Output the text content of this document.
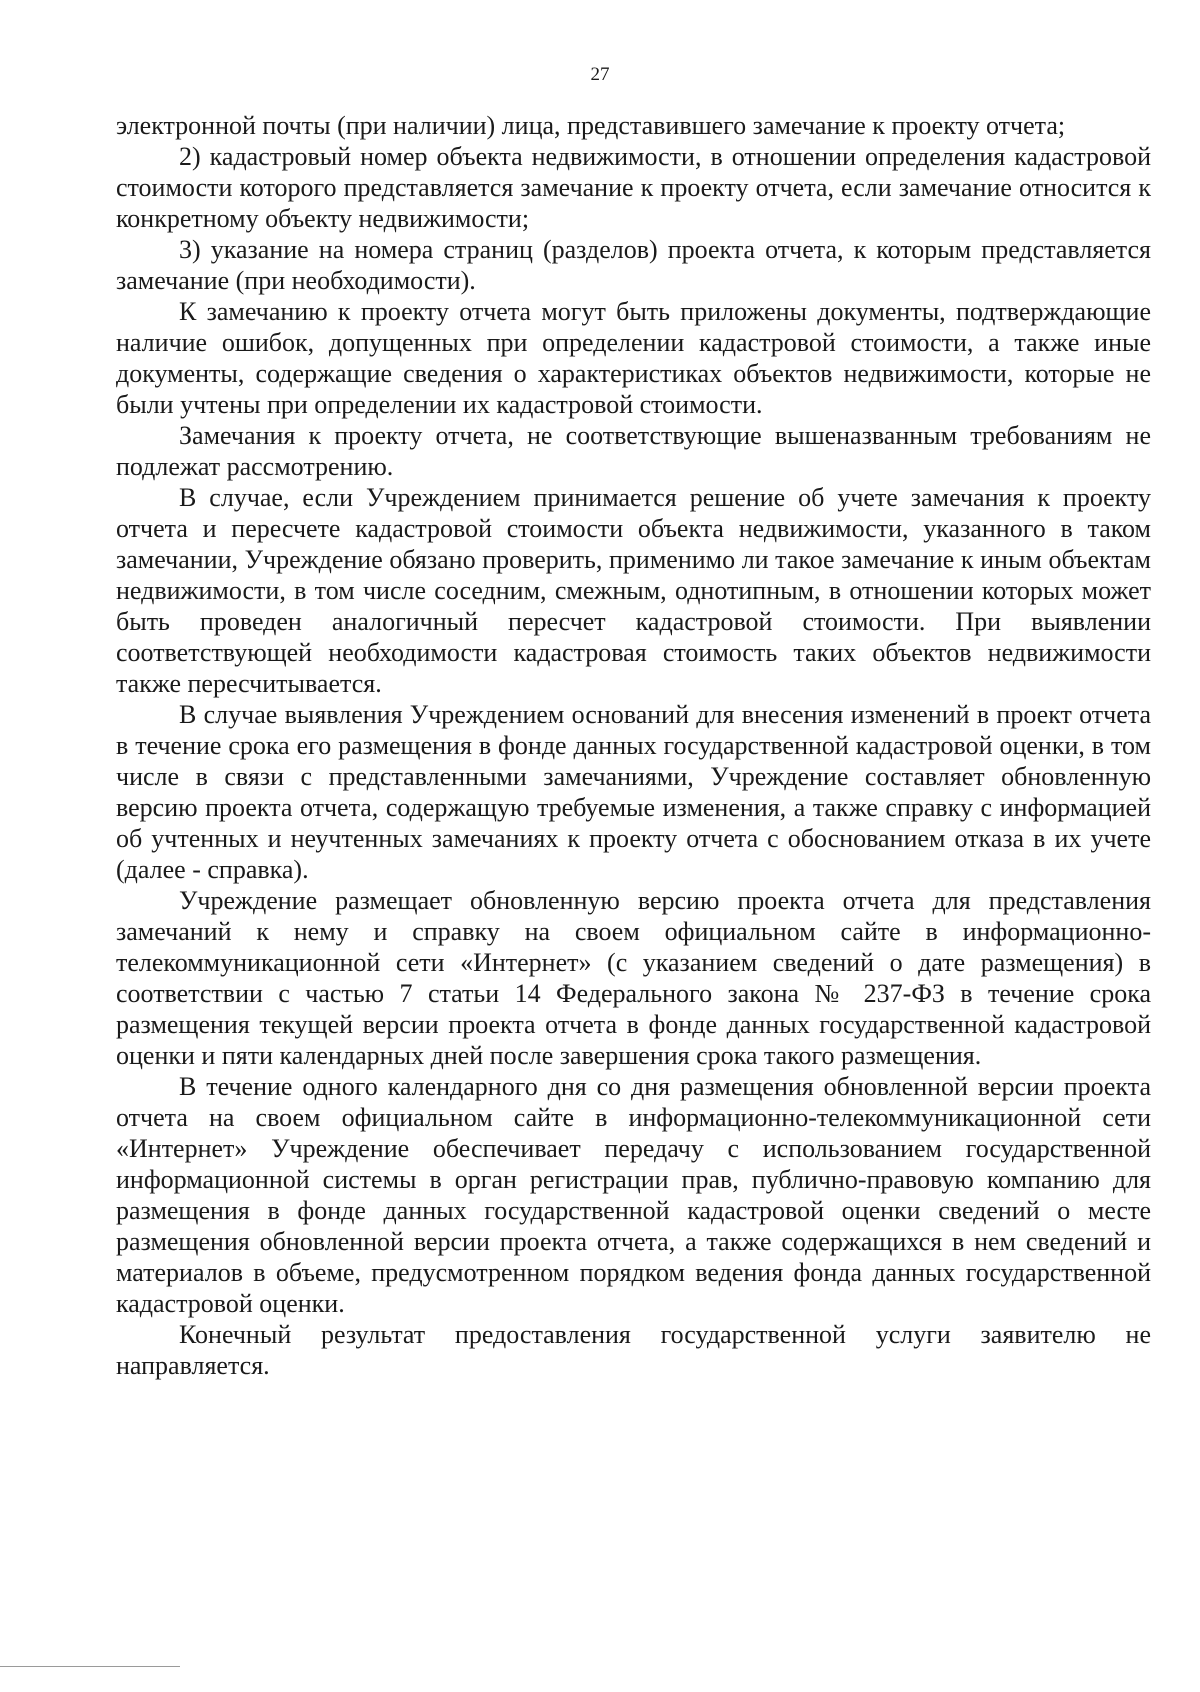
27

электронной почты (при наличии) лица, представившего замечание к проекту отчета;

2) кадастровый номер объекта недвижимости, в отношении определения кадастровой стоимости которого представляется замечание к проекту отчета, если замечание относится к конкретному объекту недвижимости;

3) указание на номера страниц (разделов) проекта отчета, к которым представляется замечание (при необходимости).

К замечанию к проекту отчета могут быть приложены документы, подтверждающие наличие ошибок, допущенных при определении кадастровой стоимости, а также иные документы, содержащие сведения о характеристиках объектов недвижимости, которые не были учтены при определении их кадастровой стоимости.

Замечания к проекту отчета, не соответствующие вышеназванным требованиям не подлежат рассмотрению.

В случае, если Учреждением принимается решение об учете замечания к проекту отчета и пересчете кадастровой стоимости объекта недвижимости, указанного в таком замечании, Учреждение обязано проверить, применимо ли такое замечание к иным объектам недвижимости, в том числе соседним, смежным, однотипным, в отношении которых может быть проведен аналогичный пересчет кадастровой стоимости. При выявлении соответствующей необходимости кадастровая стоимость таких объектов недвижимости также пересчитывается.

В случае выявления Учреждением оснований для внесения изменений в проект отчета в течение срока его размещения в фонде данных государственной кадастровой оценки, в том числе в связи с представленными замечаниями, Учреждение составляет обновленную версию проекта отчета, содержащую требуемые изменения, а также справку с информацией об учтенных и неучтенных замечаниях к проекту отчета с обоснованием отказа в их учете (далее - справка).

Учреждение размещает обновленную версию проекта отчета для представления замечаний к нему и справку на своем официальном сайте в информационно-телекоммуникационной сети «Интернет» (с указанием сведений о дате размещения) в соответствии с частью 7 статьи 14 Федерального закона № 237-ФЗ в течение срока размещения текущей версии проекта отчета в фонде данных государственной кадастровой оценки и пяти календарных дней после завершения срока такого размещения.

В течение одного календарного дня со дня размещения обновленной версии проекта отчета на своем официальном сайте в информационно-телекоммуникационной сети «Интернет» Учреждение обеспечивает передачу с использованием государственной информационной системы в орган регистрации прав, публично-правовую компанию для размещения в фонде данных государственной кадастровой оценки сведений о месте размещения обновленной версии проекта отчета, а также содержащихся в нем сведений и материалов в объеме, предусмотренном порядком ведения фонда данных государственной кадастровой оценки.

Конечный результат предоставления государственной услуги заявителю не направляется.
